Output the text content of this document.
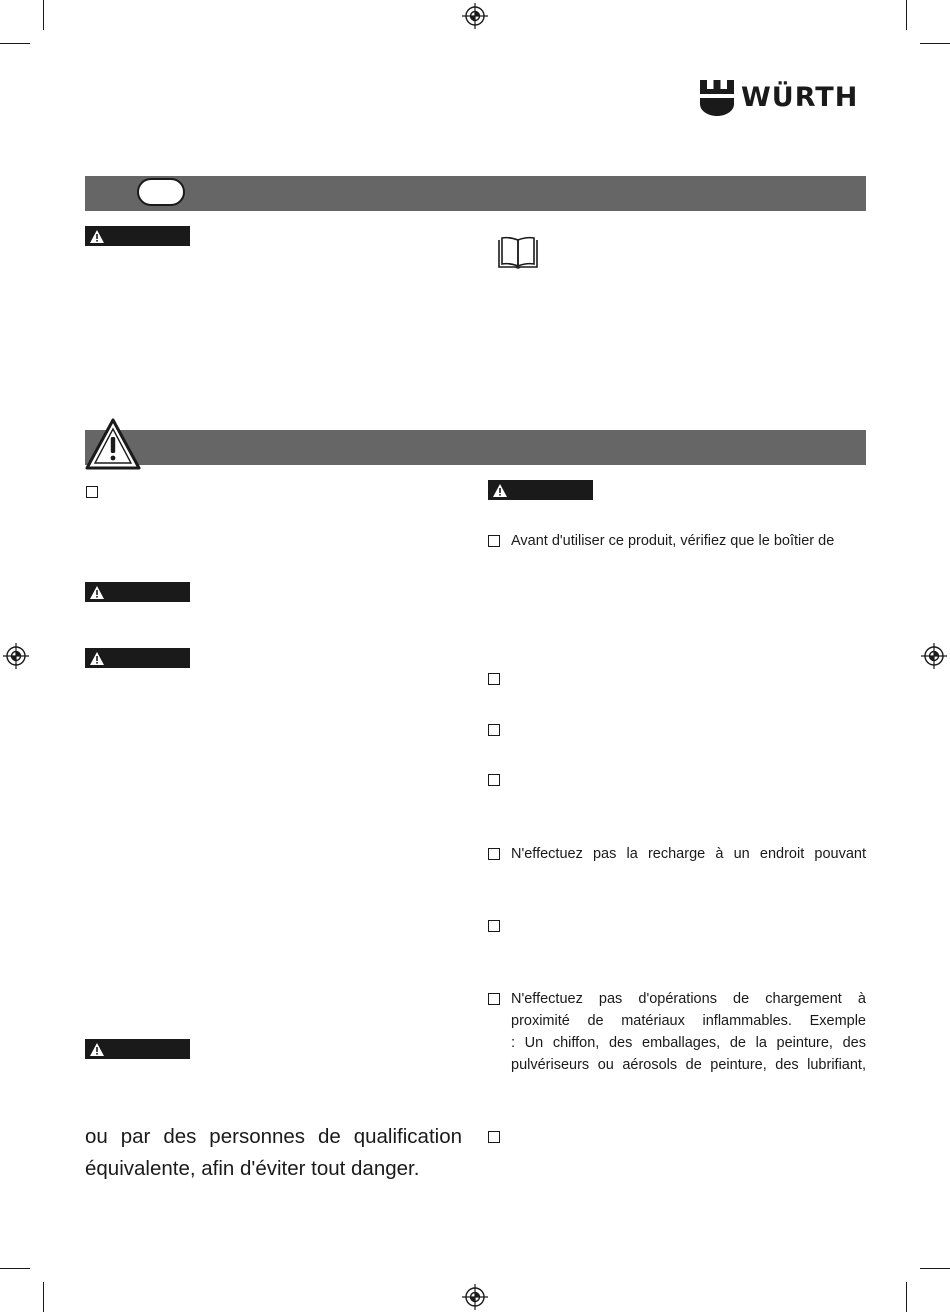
WÜRTH
Avant d'utiliser ce produit, vérifiez que le boîtier de
N'effectuez pas la recharge à un endroit pouvant
N'effectuez pas d'opérations de chargement à
proximité de matériaux inflammables. Exemple
: Un chiffon, des emballages, de la peinture, des
pulvériseurs ou aérosols de peinture, des lubrifiant,
ou par des personnes de qualification
équivalente, afin d'éviter tout danger.
